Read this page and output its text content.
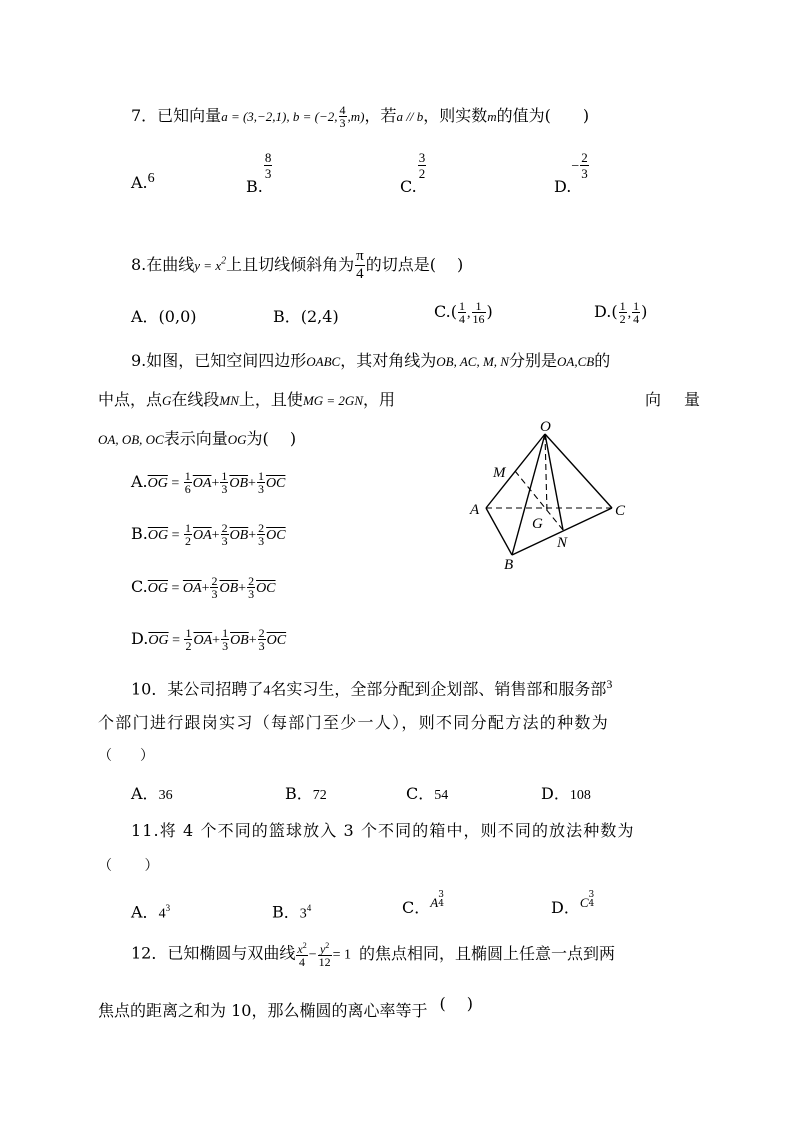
7．已知向量a = (3,−2,1), b = (−2, $\frac{4}{3} ,m$)，若a // b，则实数m的值为(　　)
A.6	B.
$\frac{8}{3}$
C.
$\frac{3}{2}$
$D.- \frac{2}{3}$
8.在曲线$y = x^2$上且切线倾斜角为 $\frac{\pi}{4}$ 的切点是(　 )
A．(0,0)	B．(2,4)	$C.( \frac{1}{4}$ , $\frac{1}{16}$ )	$D.( \frac{1}{2}$ , $\frac{1}{4}$ )
9.如图，已知空间四边形OABC，其对角线为OB, AC, M, N分别是OA,CB的
中点，点G在线段MN上，且使MG = 2GN，用	向 量
OA, OB, OC表示向量OG为(　 )
$A.\overline{OG} = \frac{1}{6} \overline{OA}+ \frac{1}{3} \overline{OB}+ \frac{1}{3} \overline{OC}$
$B.\overline{OG} = \frac{1}{2} \overline{OA}+ \frac{2}{3} \overline{OB}+ \frac{2}{3} \overline{OC}$
$C.\overline{OG} = \overline{OA}+ \frac{2}{3} \overline{OB}+ \frac{2}{3} \overline{OC}$
$D.\overline{OG} = \frac{1}{2} \overline{OA}+ \frac{1}{3} \overline{OB}+ \frac{2}{3} \overline{OC}$
O
M
A
G
C
N
B
10．某公司招聘了4名实习生，全部分配到企划部、销售部和服务部$^3$
个部门进行跟岗实习（每部门至少一人），则不同分配方法的种数为
（　　）
A．36	B．72	C．54	D．108
11.将 4 个不同的篮球放入 3 个不同的箱中，则不同的放法种数为
（　　 ）
A．$4^3$	B．$3^4$	C．$^A$ 3
4	D．$^C$ 3
4
12．已知椭圆与双曲线 $\frac{x^2}{4} - \frac{y^2}{12} = 1$ 的焦点相同，且椭圆上任意一点到两
焦点的距离之和为 10，那么椭圆的离心率等于 (　 )
